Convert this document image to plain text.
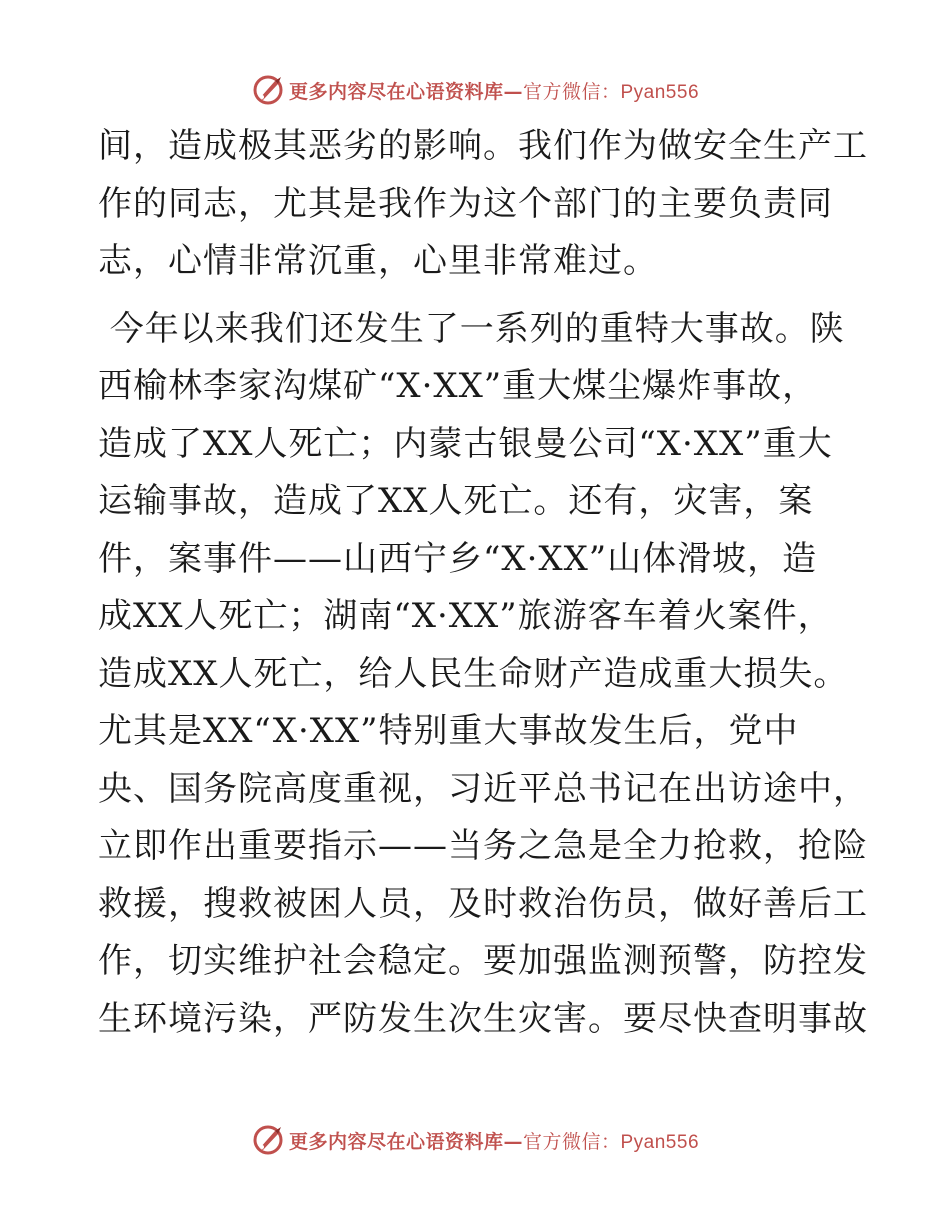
更多内容尽在心语资料库—官方微信：Pyan556
间，造成极其恶劣的影响。我们作为做安全生产工
作的同志，尤其是我作为这个部门的主要负责同
志，心情非常沉重，心里非常难过。
今年以来我们还发生了一系列的重特大事故。陕
西榆林李家沟煤矿“X·XX”重大煤尘爆炸事故，
造成了XX人死亡；内蒙古银曼公司“X·XX”重大
运输事故，造成了XX人死亡。还有，灾害，案
件，案事件——山西宁乡“X·XX”山体滑坡，造
成XX人死亡；湖南“X·XX”旅游客车着火案件，
造成XX人死亡，给人民生命财产造成重大损失。
尤其是XX“X·XX”特别重大事故发生后，党中
央、国务院高度重视，习近平总书记在出访途中，
立即作出重要指示——当务之急是全力抢救，抢险
救援，搜救被困人员，及时救治伤员，做好善后工
作，切实维护社会稳定。要加强监测预警，防控发
生环境污染，严防发生次生灾害。要尽快查明事故
更多内容尽在心语资料库—官方微信：Pyan556
